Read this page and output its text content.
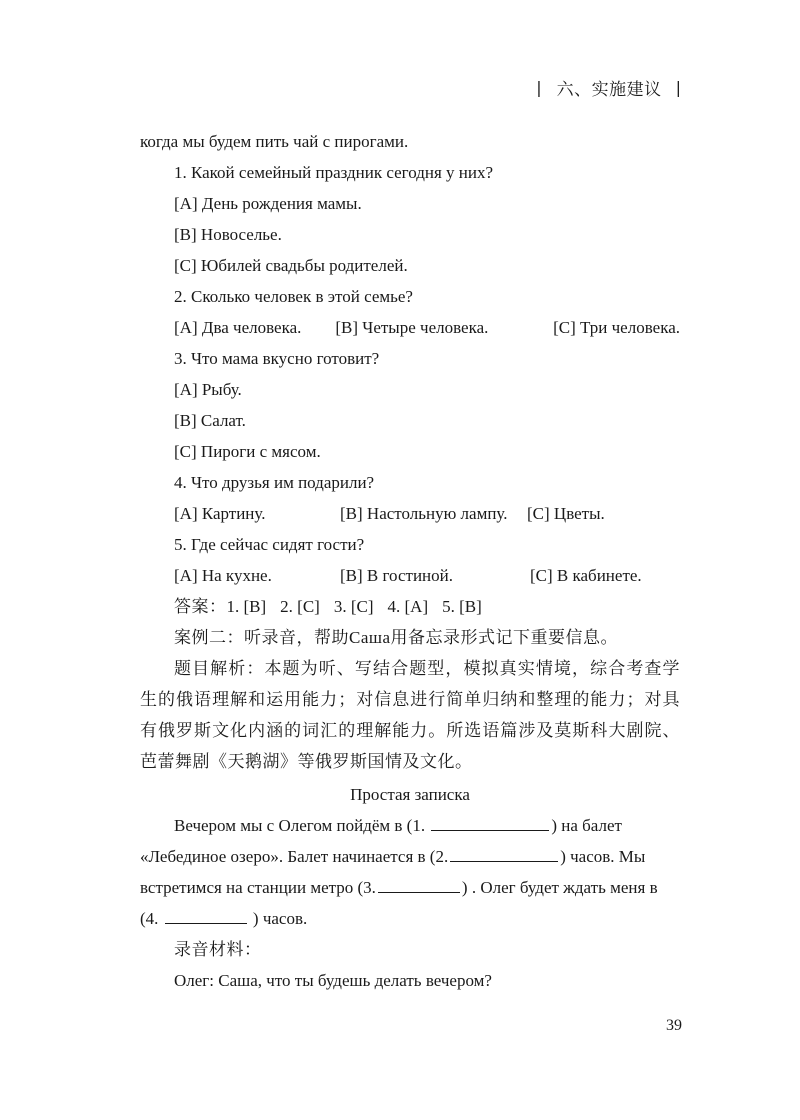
| 六、实施建议 |
когда мы будем пить чай с пирогами.
1. Какой семейный праздник сегодня у них?
[A] День рождения мамы.
[B] Новоселье.
[C] Юбилей свадьбы родителей.
2. Сколько человек в этой семье?
[A] Два человека.	[B] Четыре человека.	[C] Три человека.
3. Что мама вкусно готовит?
[A] Рыбу.
[B] Салат.
[C] Пироги с мясом.
4. Что друзья им подарили?
[A] Картину.	[B] Настольную лампу.	[C] Цветы.
5. Где сейчас сидят гости?
[A] На кухне.	[B] В гостиной.	[C] В кабинете.
答案：1. [B] 2. [C] 3. [C] 4. [A] 5. [B]
案例二：听录音，帮助Саша用备忘录形式记下重要信息。
题目解析：本题为听、写结合题型，模拟真实情境，综合考查学生的俄语理解和运用能力；对信息进行简单归纳和整理的能力；对具有俄罗斯文化内涵的词汇的理解能力。所选语篇涉及莫斯科大剧院、芭蕾舞剧《天鹅湖》等俄罗斯国情及文化。
Простая записка
Вечером мы с Олегом пойдём в (1.	) на балет
«Лебединое озеро». Балет начинается в (2.	) часов. Мы
встретимся на станции метро (3.	) . Олег будет ждать меня в
(4.	) часов.
录音材料：
Олег: Саша, что ты будешь делать вечером?
39
